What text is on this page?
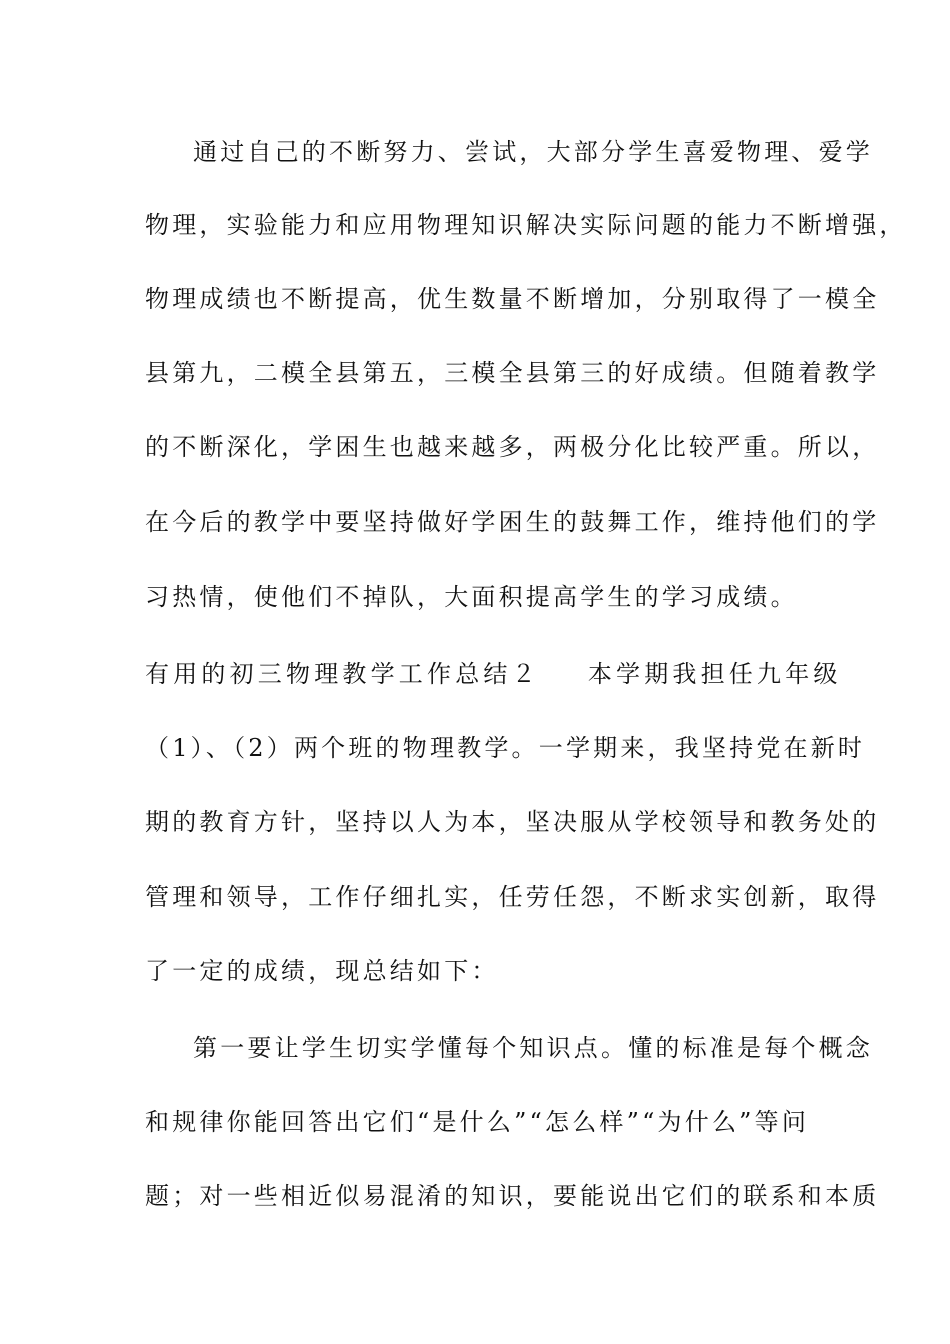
通过自己的不断努力、尝试，大部分学生喜爱物理、爱学
物理，实验能力和应用物理知识解决实际问题的能力不断增强，
物理成绩也不断提高，优生数量不断增加，分别取得了一模全
县第九，二模全县第五，三模全县第三的好成绩。但随着教学
的不断深化，学困生也越来越多，两极分化比较严重。所以，
在今后的教学中要坚持做好学困生的鼓舞工作，维持他们的学
习热情，使他们不掉队，大面积提高学生的学习成绩。
有用的初三物理教学工作总结２ 本学期我担任九年级
（1）、（2）两个班的物理教学。一学期来，我坚持党在新时
期的教育方针，坚持以人为本，坚决服从学校领导和教务处的
管理和领导，工作仔细扎实，任劳任怨，不断求实创新，取得
了一定的成绩，现总结如下：
第一要让学生切实学懂每个知识点。懂的标准是每个概念
和规律你能回答出它们“是什么”“怎么样”“为什么”等问
题；对一些相近似易混淆的知识，要能说出它们的联系和本质
